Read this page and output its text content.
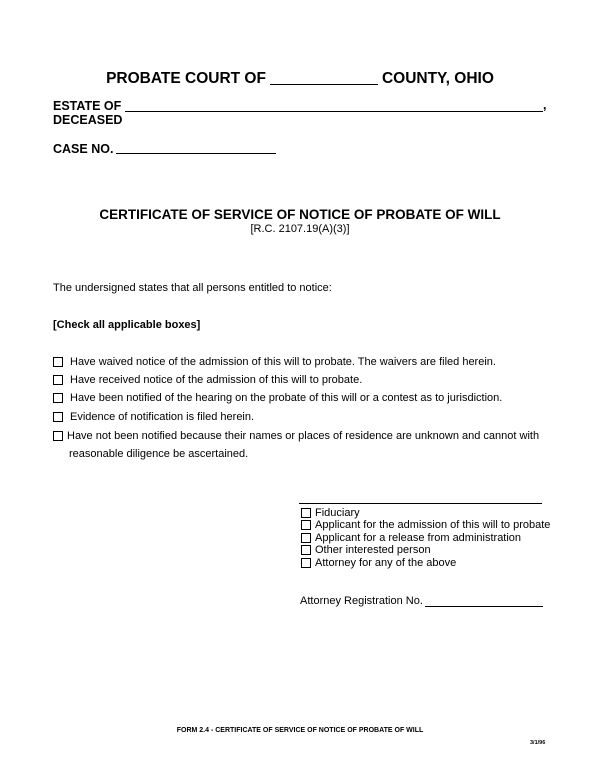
PROBATE COURT OF	COUNTY, OHIO
ESTATE OF
DECEASED
,
CASE NO.
CERTIFICATE OF SERVICE OF NOTICE OF PROBATE OF WILL
[R.C. 2107.19(A)(3)]
The undersigned states that all persons entitled to notice:
[Check all applicable boxes]
Have waived notice of the admission of this will to probate. The waivers are filed herein.
Have received notice of the admission of this will to probate.
Have been notified of the hearing on the probate of this will or a contest as to jurisdiction.
Evidence of notification is filed herein.
Have not been notified because their names or places of residence are unknown and cannot with
reasonable diligence be ascertained.
Fiduciary
Applicant for the admission of this will to probate
Applicant for a release from administration
Other interested person
Attorney for any of the above
Attorney Registration No.
FORM 2.4 - CERTIFICATE OF SERVICE OF NOTICE OF PROBATE OF WILL
3/1/96
